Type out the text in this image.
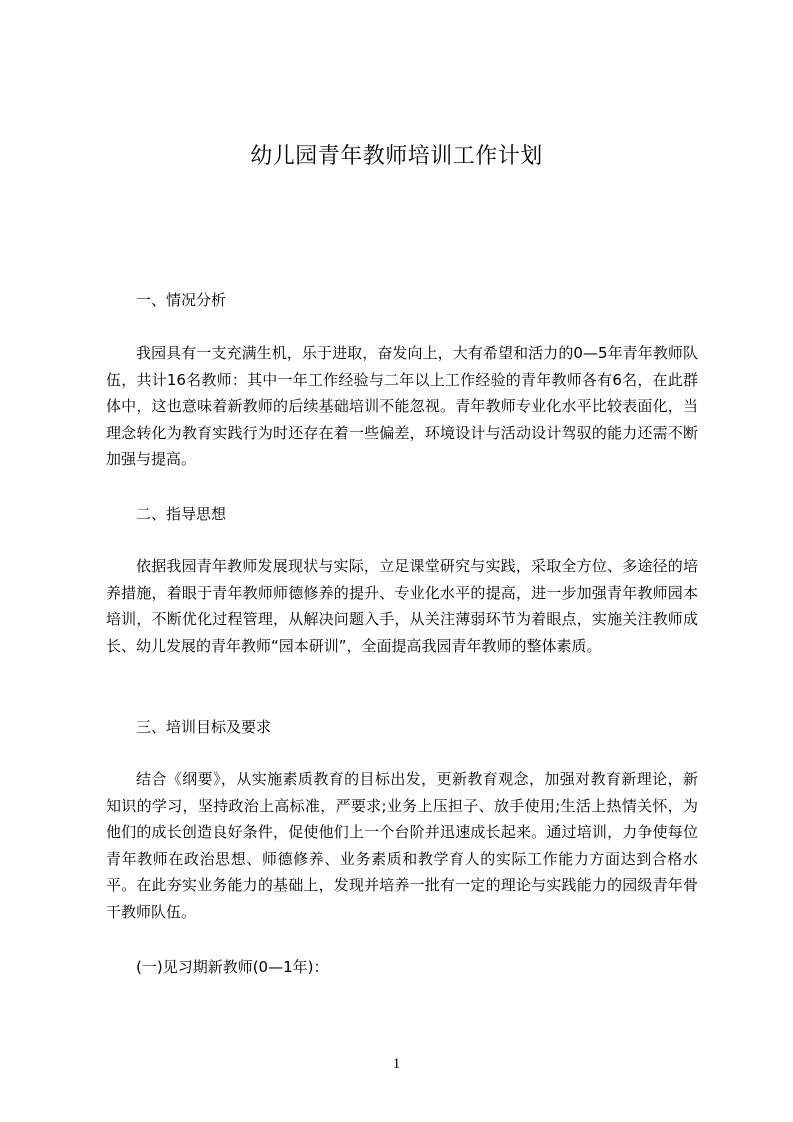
幼儿园青年教师培训工作计划
一、情况分析

我园具有一支充满生机，乐于进取，奋发向上，大有希望和活力的0—5年青年教师队伍，共计16名教师：其中一年工作经验与二年以上工作经验的青年教师各有6名，在此群体中，这也意味着新教师的后续基础培训不能忽视。青年教师专业化水平比较表面化，当理念转化为教育实践行为时还存在着一些偏差，环境设计与活动设计驾驭的能力还需不断加强与提高。

二、指导思想

依据我园青年教师发展现状与实际，立足课堂研究与实践，采取全方位、多途径的培养措施，着眼于青年教师师德修养的提升、专业化水平的提高，进一步加强青年教师园本培训，不断优化过程管理，从解决问题入手，从关注薄弱环节为着眼点，实施关注教师成长、幼儿发展的青年教师“园本研训”，全面提高我园青年教师的整体素质。

三、培训目标及要求

结合《纲要》，从实施素质教育的目标出发，更新教育观念，加强对教育新理论，新知识的学习，坚持政治上高标准，严要求;业务上压担子、放手使用;生活上热情关怀，为他们的成长创造良好条件，促使他们上一个台阶并迅速成长起来。通过培训，力争使每位青年教师在政治思想、师德修养、业务素质和教学育人的实际工作能力方面达到合格水平。在此夯实业务能力的基础上，发现并培养一批有一定的理论与实践能力的园级青年骨干教师队伍。

(一)见习期新教师(0—1年)：
1
